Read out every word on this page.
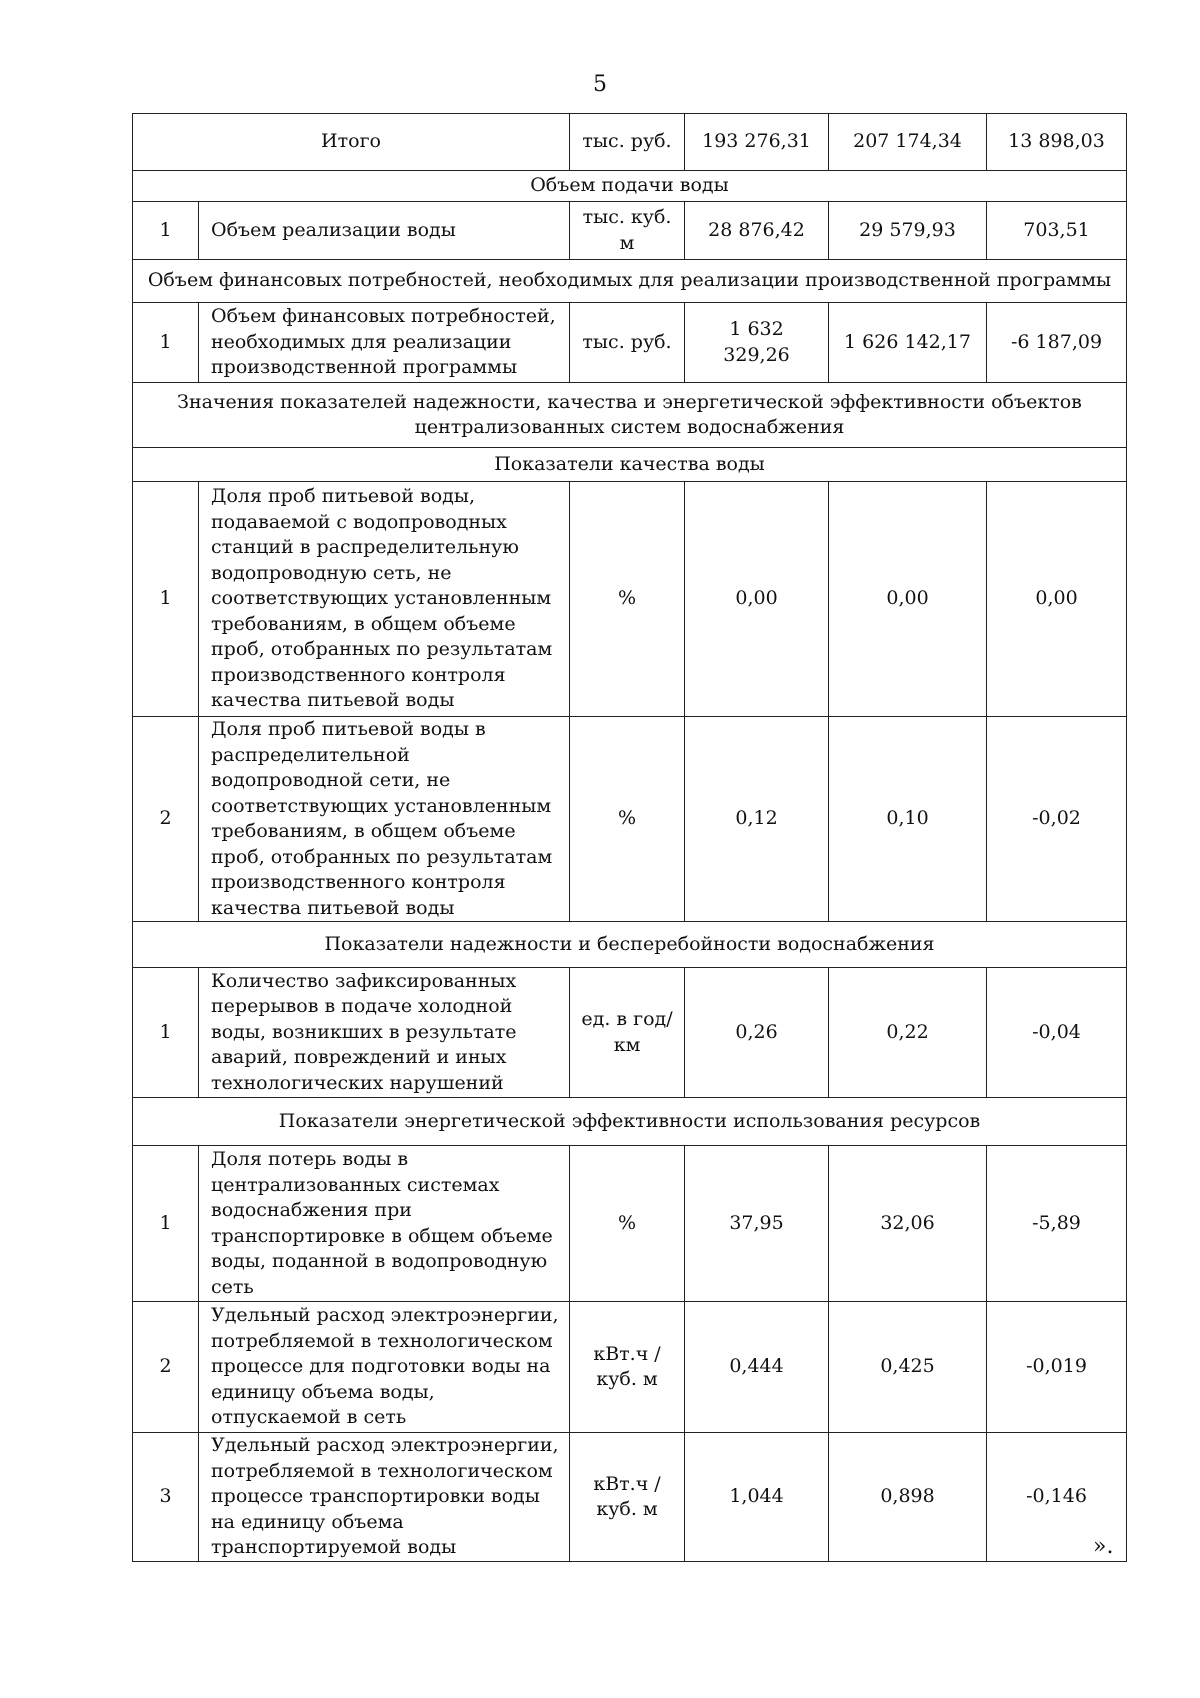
5
Итого		тыс. руб.	193 276,31	207 174,34	13 898,03
Объем подачи воды					
1	Объем реализации воды	тыс. куб. м	28 876,42	29 579,93	703,51
Объем финансовых потребностей, необходимых для реализации производственной программы					
1	Объем финансовых потребностей, необходимых для реализации производственной программы	тыс. руб.	1 632 329,26	1 626 142,17	-6 187,09
Значения показателей надежности, качества и энергетической эффективности объектов централизованных систем водоснабжения					
Показатели качества воды					
1	Доля проб питьевой воды, подаваемой с водопроводных станций в распределительную водопроводную сеть, не соответствующих установленным требованиям, в общем объеме проб, отобранных по результатам производственного контроля качества питьевой воды	%	0,00	0,00	0,00
2	Доля проб питьевой воды в распределительной водопроводной сети, не соответствующих установленным требованиям, в общем объеме проб, отобранных по результатам производственного контроля качества питьевой воды	%	0,12	0,10	-0,02
Показатели надежности и бесперебойности водоснабжения					
1	Количество зафиксированных перерывов в подаче холодной воды, возникших в результате аварий, повреждений и иных технологических нарушений	ед. в год/ км	0,26	0,22	-0,04
Показатели энергетической эффективности использования ресурсов					
1	Доля потерь воды в централизованных системах водоснабжения при транспортировке в общем объеме воды, поданной в водопроводную сеть	%	37,95	32,06	-5,89
2	Удельный расход электроэнергии, потребляемой в технологическом процессе для подготовки воды на единицу объема воды, отпускаемой в сеть	кВт.ч / куб. м	0,444	0,425	-0,019
3	Удельный расход электроэнергии, потребляемой в технологическом процессе транспортировки воды на единицу объема транспортируемой воды	кВт.ч / куб. м	1,044	0,898	-0,146
».
